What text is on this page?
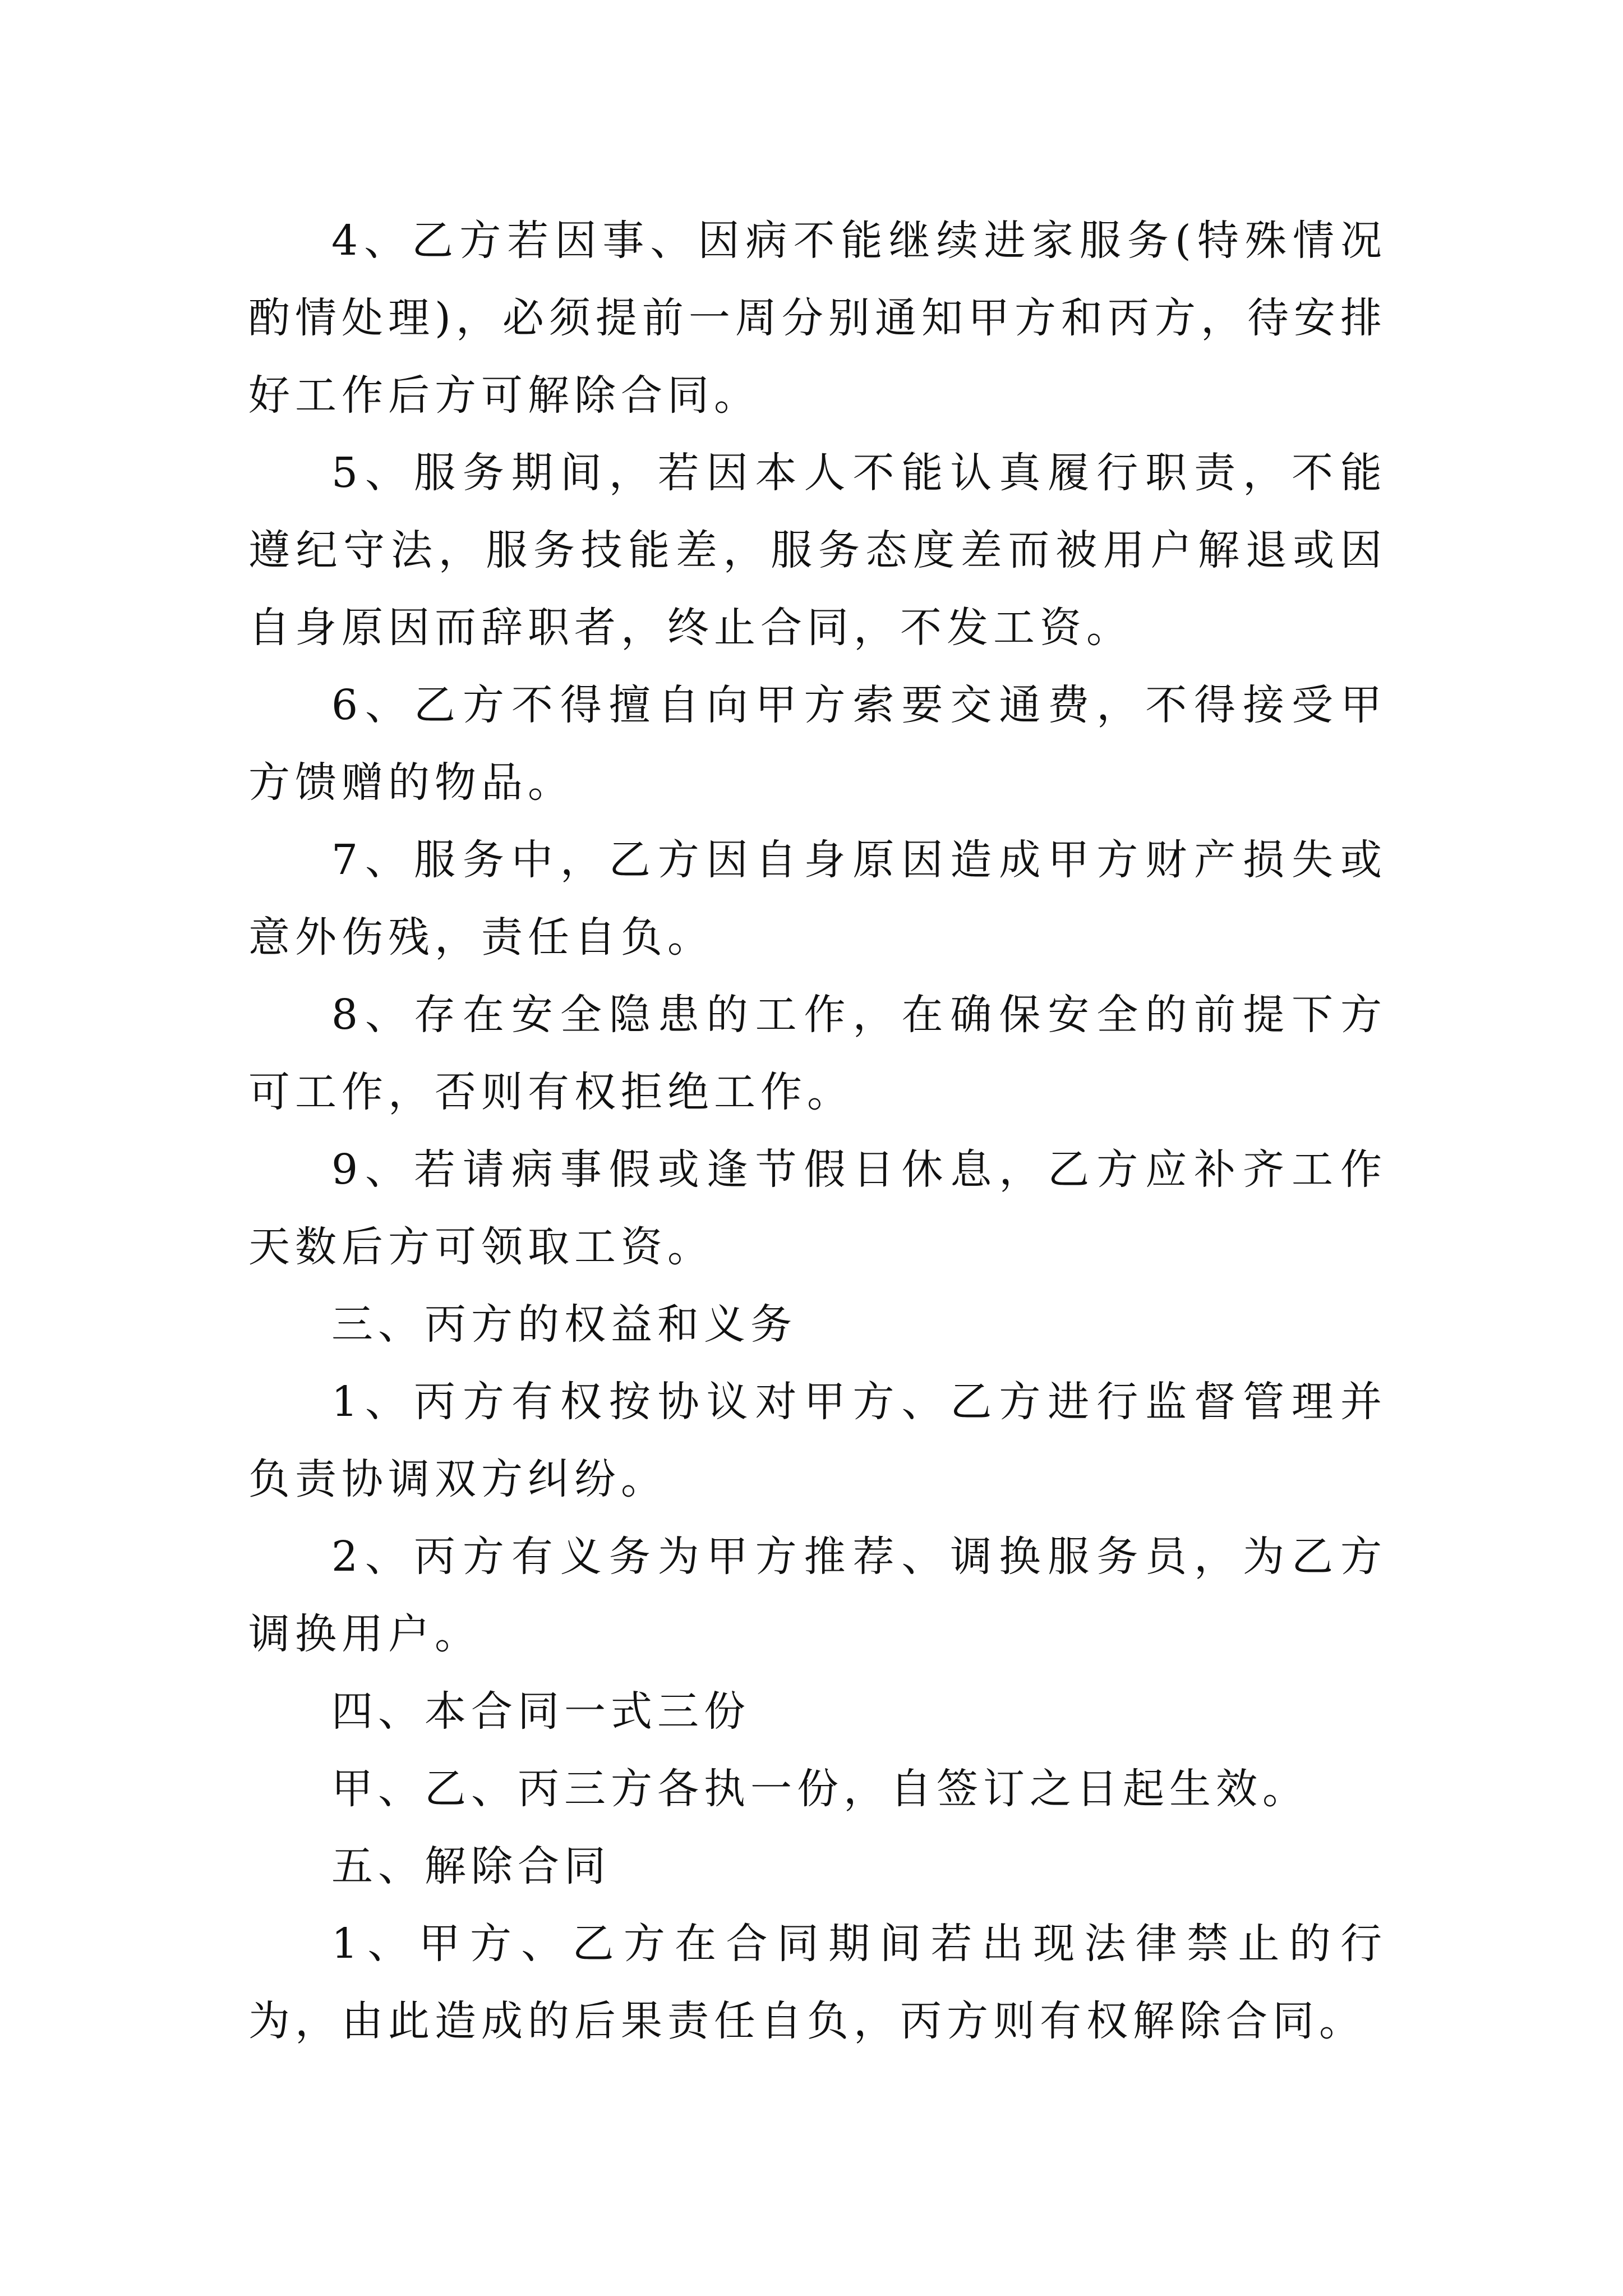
4、乙方若因事、因病不能继续进家服务(特殊情况酌情处理)，必须提前一周分别通知甲方和丙方，待安排好工作后方可解除合同。

5、服务期间，若因本人不能认真履行职责，不能遵纪守法，服务技能差，服务态度差而被用户解退或因自身原因而辞职者，终止合同，不发工资。

6、乙方不得擅自向甲方索要交通费，不得接受甲方馈赠的物品。

7、服务中，乙方因自身原因造成甲方财产损失或意外伤残，责任自负。

8、存在安全隐患的工作，在确保安全的前提下方可工作，否则有权拒绝工作。

9、若请病事假或逢节假日休息，乙方应补齐工作天数后方可领取工资。

三、丙方的权益和义务

1、丙方有权按协议对甲方、乙方进行监督管理并负责协调双方纠纷。

2、丙方有义务为甲方推荐、调换服务员，为乙方调换用户。

四、本合同一式三份

甲、乙、丙三方各执一份，自签订之日起生效。

五、解除合同

1、甲方、乙方在合同期间若出现法律禁止的行为，由此造成的后果责任自负，丙方则有权解除合同。
